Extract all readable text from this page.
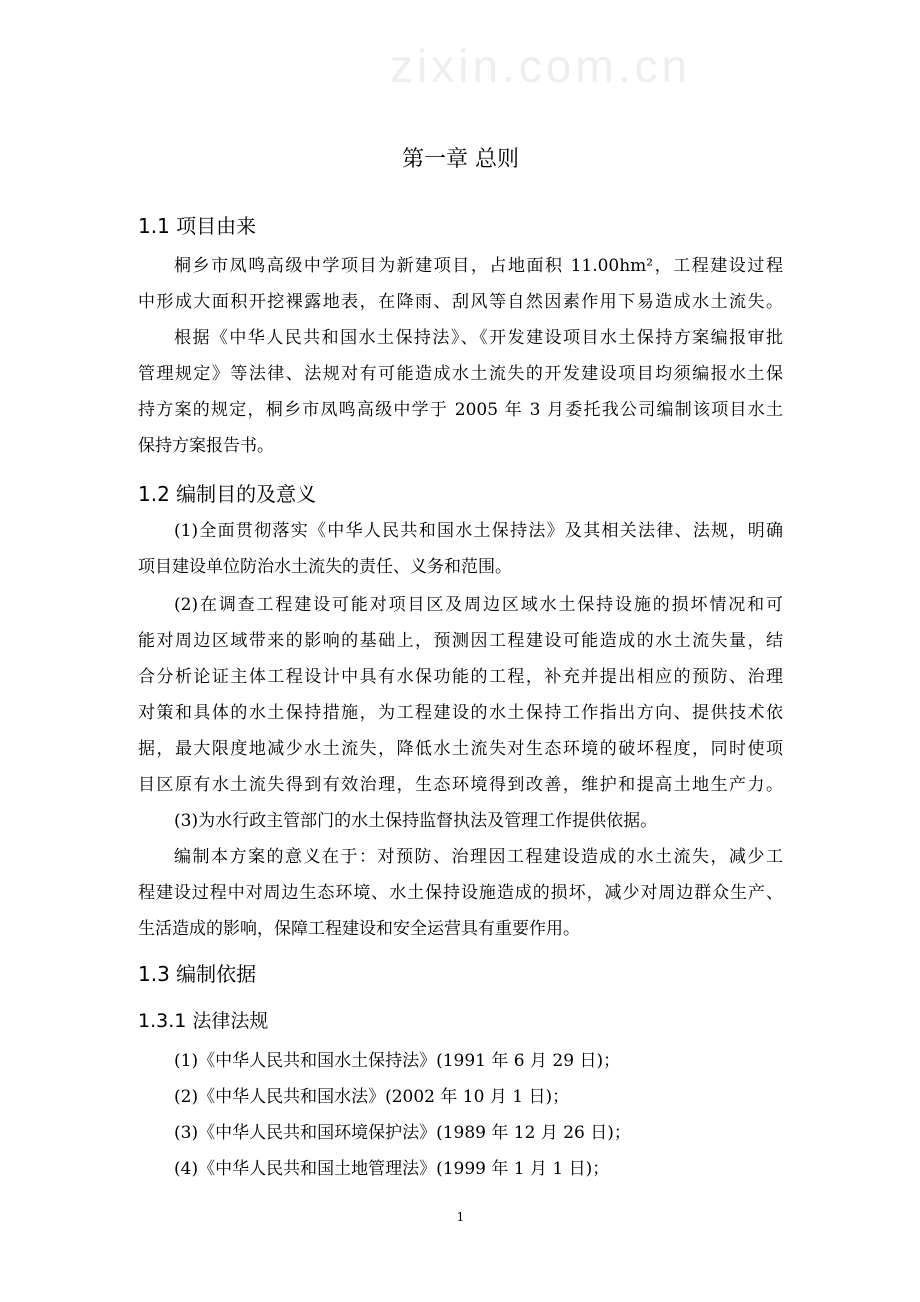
zixin.com.cn
第一章 总则
1.1 项目由来
桐乡市凤鸣高级中学项目为新建项目，占地面积 11.00hm²，工程建设过程
中形成大面积开挖裸露地表，在降雨、刮风等自然因素作用下易造成水土流失。
根据《中华人民共和国水土保持法》、《开发建设项目水土保持方案编报审批
管理规定》等法律、法规对有可能造成水土流失的开发建设项目均须编报水土保
持方案的规定，桐乡市凤鸣高级中学于 2005 年 3 月委托我公司编制该项目水土
保持方案报告书。
1.2 编制目的及意义
(1)全面贯彻落实《中华人民共和国水土保持法》及其相关法律、法规，明确
项目建设单位防治水土流失的责任、义务和范围。
(2)在调查工程建设可能对项目区及周边区域水土保持设施的损坏情况和可
能对周边区域带来的影响的基础上，预测因工程建设可能造成的水土流失量，结
合分析论证主体工程设计中具有水保功能的工程，补充并提出相应的预防、治理
对策和具体的水土保持措施，为工程建设的水土保持工作指出方向、提供技术依
据，最大限度地减少水土流失，降低水土流失对生态环境的破坏程度，同时使项
目区原有水土流失得到有效治理，生态环境得到改善，维护和提高土地生产力。
(3)为水行政主管部门的水土保持监督执法及管理工作提供依据。
编制本方案的意义在于：对预防、治理因工程建设造成的水土流失，减少工
程建设过程中对周边生态环境、水土保持设施造成的损坏，减少对周边群众生产、
生活造成的影响，保障工程建设和安全运营具有重要作用。
1.3 编制依据
1.3.1 法律法规
(1)《中华人民共和国水土保持法》(1991 年 6 月 29 日)；
(2)《中华人民共和国水法》(2002 年 10 月 1 日)；
(3)《中华人民共和国环境保护法》(1989 年 12 月 26 日)；
(4)《中华人民共和国土地管理法》(1999 年 1 月 1 日)；
1
